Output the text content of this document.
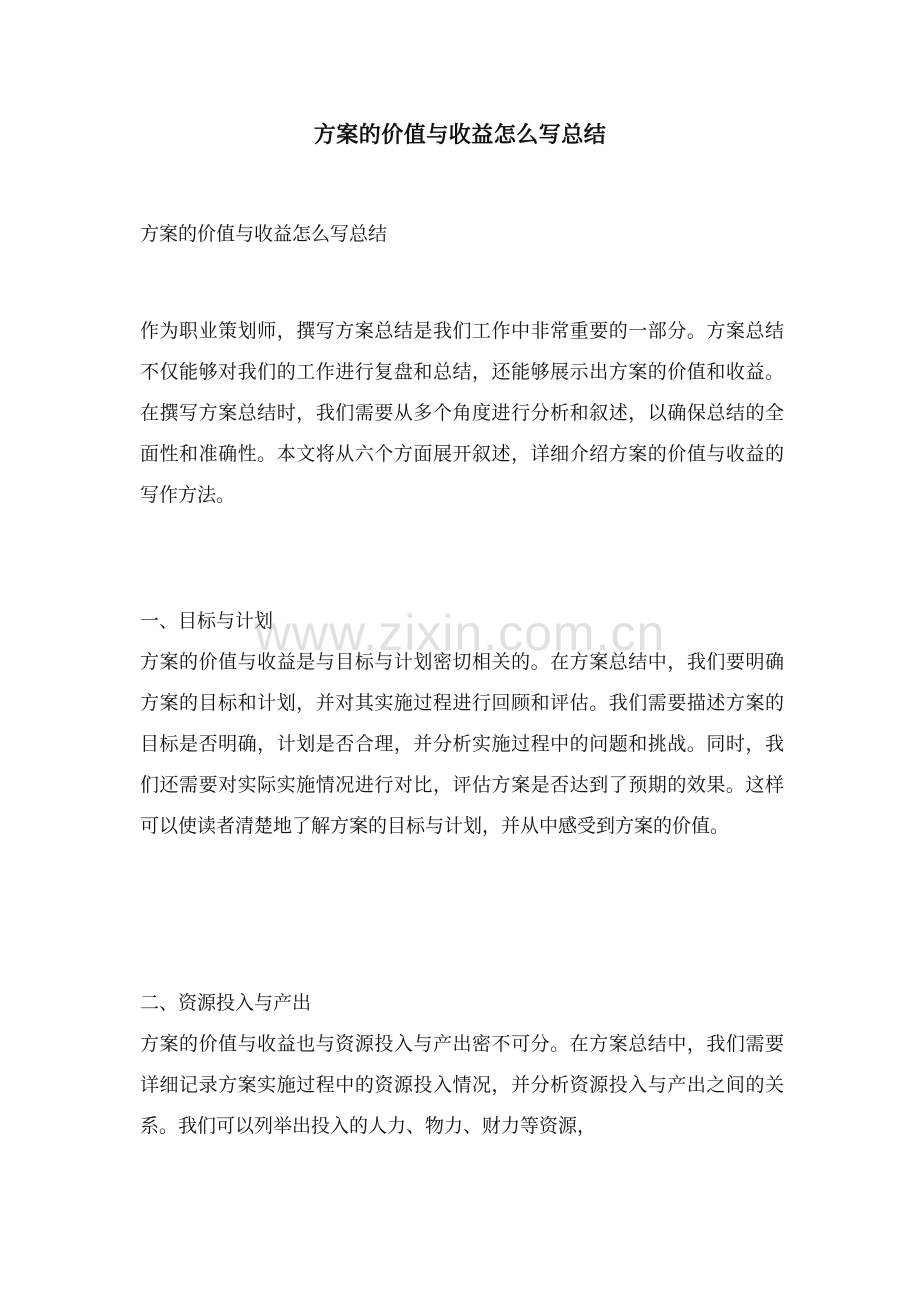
方案的价值与收益怎么写总结

方案的价值与收益怎么写总结

作为职业策划师，撰写方案总结是我们工作中非常重要的一部分。方案总结不仅能够对我们的工作进行复盘和总结，还能够展示出方案的价值和收益。在撰写方案总结时，我们需要从多个角度进行分析和叙述，以确保总结的全面性和准确性。本文将从六个方面展开叙述，详细介绍方案的价值与收益的写作方法。

一、目标与计划

方案的价值与收益是与目标与计划密切相关的。在方案总结中，我们要明确方案的目标和计划，并对其实施过程进行回顾和评估。我们需要描述方案的目标是否明确，计划是否合理，并分析实施过程中的问题和挑战。同时，我们还需要对实际实施情况进行对比，评估方案是否达到了预期的效果。这样可以使读者清楚地了解方案的目标与计划，并从中感受到方案的价值。

二、资源投入与产出

方案的价值与收益也与资源投入与产出密不可分。在方案总结中，我们需要详细记录方案实施过程中的资源投入情况，并分析资源投入与产出之间的关系。我们可以列举出投入的人力、物力、财力等资源，

www.zixin.com.cn
